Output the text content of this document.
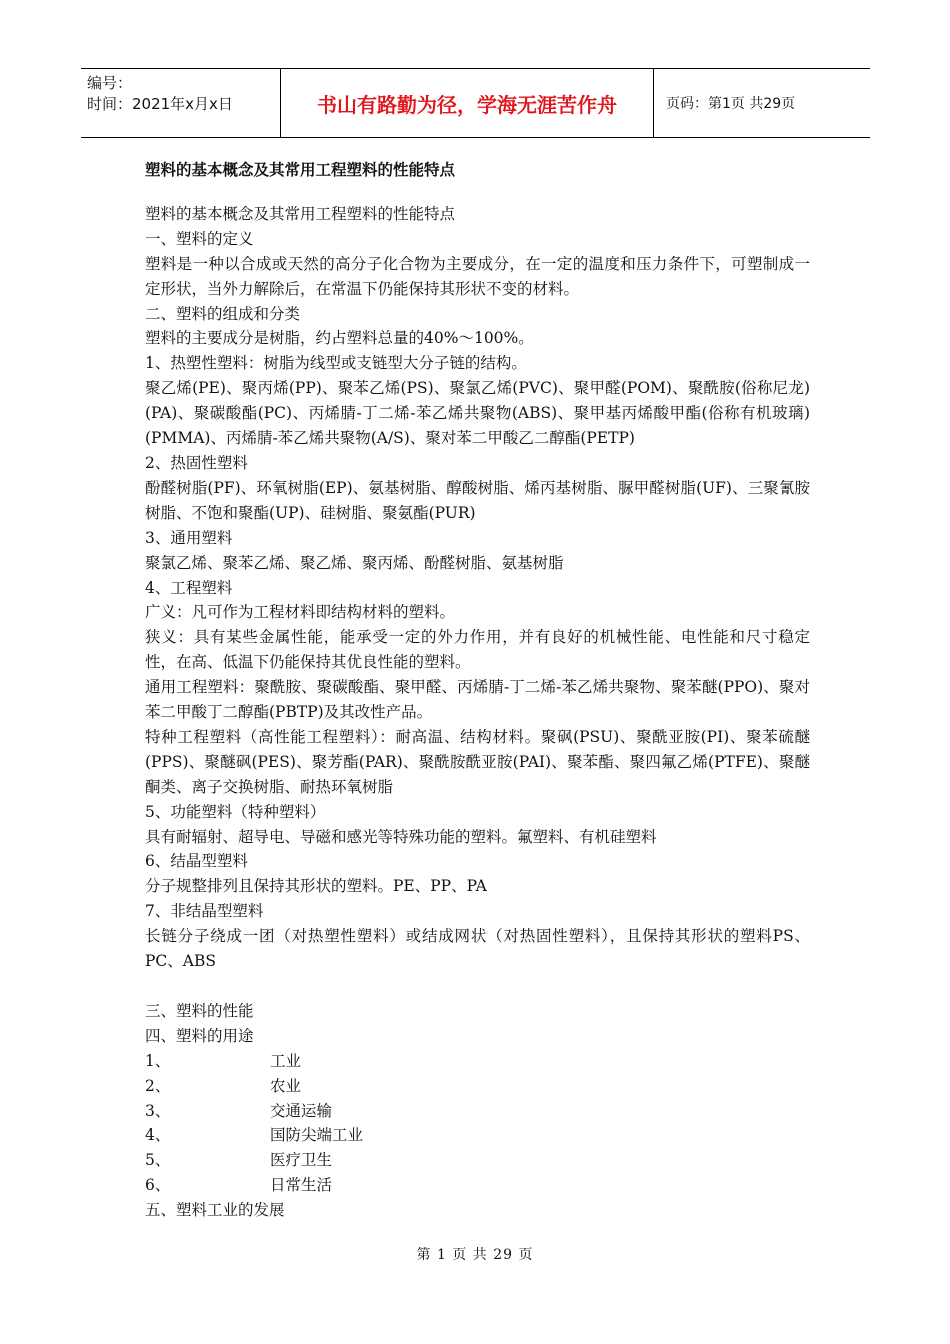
编号：
时间：2021年x月x日	书山有路勤为径，学海无涯苦作舟	页码：第1页 共29页
塑料的基本概念及其常用工程塑料的性能特点
塑料的基本概念及其常用工程塑料的性能特点
一、塑料的定义
塑料是一种以合成或天然的高分子化合物为主要成分，在一定的温度和压力条件下，可塑制成一定形状，当外力解除后，在常温下仍能保持其形状不变的材料。
二、塑料的组成和分类
塑料的主要成分是树脂，约占塑料总量的40%～100%。
1、热塑性塑料：树脂为线型或支链型大分子链的结构。
聚乙烯(PE)、聚丙烯(PP)、聚苯乙烯(PS)、聚氯乙烯(PVC)、聚甲醛(POM)、聚酰胺(俗称尼龙)(PA)、聚碳酸酯(PC)、丙烯腈-丁二烯-苯乙烯共聚物(ABS)、聚甲基丙烯酸甲酯(俗称有机玻璃)(PMMA)、丙烯腈-苯乙烯共聚物(A/S)、聚对苯二甲酸乙二醇酯(PETP)
2、热固性塑料
酚醛树脂(PF)、环氧树脂(EP)、氨基树脂、醇酸树脂、烯丙基树脂、脲甲醛树脂(UF)、三聚氰胺树脂、不饱和聚酯(UP)、硅树脂、聚氨酯(PUR)
3、通用塑料
聚氯乙烯、聚苯乙烯、聚乙烯、聚丙烯、酚醛树脂、氨基树脂
4、工程塑料
广义：凡可作为工程材料即结构材料的塑料。
狭义：具有某些金属性能，能承受一定的外力作用，并有良好的机械性能、电性能和尺寸稳定性，在高、低温下仍能保持其优良性能的塑料。
通用工程塑料：聚酰胺、聚碳酸酯、聚甲醛、丙烯腈-丁二烯-苯乙烯共聚物、聚苯醚(PPO)、聚对苯二甲酸丁二醇酯(PBTP)及其改性产品。
特种工程塑料（高性能工程塑料）：耐高温、结构材料。聚砜(PSU)、聚酰亚胺(PI)、聚苯硫醚(PPS)、聚醚砜(PES)、聚芳酯(PAR)、聚酰胺酰亚胺(PAI)、聚苯酯、聚四氟乙烯(PTFE)、聚醚酮类、离子交换树脂、耐热环氧树脂
5、功能塑料（特种塑料）
具有耐辐射、超导电、导磁和感光等特殊功能的塑料。氟塑料、有机硅塑料
6、结晶型塑料
分子规整排列且保持其形状的塑料。PE、PP、PA
7、非结晶型塑料
长链分子绕成一团（对热塑性塑料）或结成网状（对热固性塑料），且保持其形状的塑料PS、PC、ABS
三、塑料的性能
四、塑料的用途
1、	工业
2、	农业
3、	交通运输
4、	国防尖端工业
5、	医疗卫生
6、	日常生活
五、塑料工业的发展
第 1 页 共 29 页
